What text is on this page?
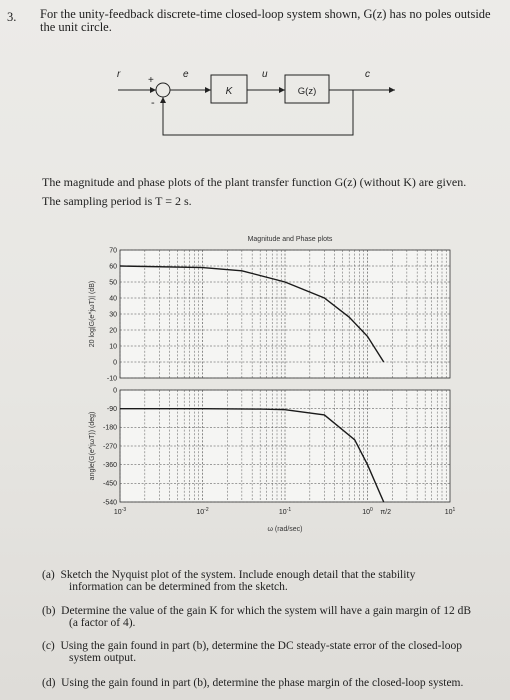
3. For the unity-feedback discrete-time closed-loop system shown, G(z) has no poles outside
the unit circle.
r	e	u	c
+
-
K	G(z)
The magnitude and phase plots of the plant transfer function G(z) (without K) are given.
The sampling period is T = 2 s.
Magnitude and Phase plots
70
60
50
40
30
20
10
0
-10
0
-90
-180
-270
-360
-450
-540
20 log|G(e^jωT)| (dB)
angle(G(e^jωT)) (deg)
$10^{-3}$	$10^{-2}$	$10^{-1}$	$10^0$	$10^1$
π/2
ω (rad/sec)
(a) Sketch the Nyquist plot of the system. Include enough detail that the stability
information can be determined from the sketch.
(b) Determine the value of the gain K for which the system will have a gain margin of 12 dB
(a factor of 4).
(c) Using the gain found in part (b), determine the DC steady-state error of the closed-loop
system output.
(d) Using the gain found in part (b), determine the phase margin of the closed-loop system.
